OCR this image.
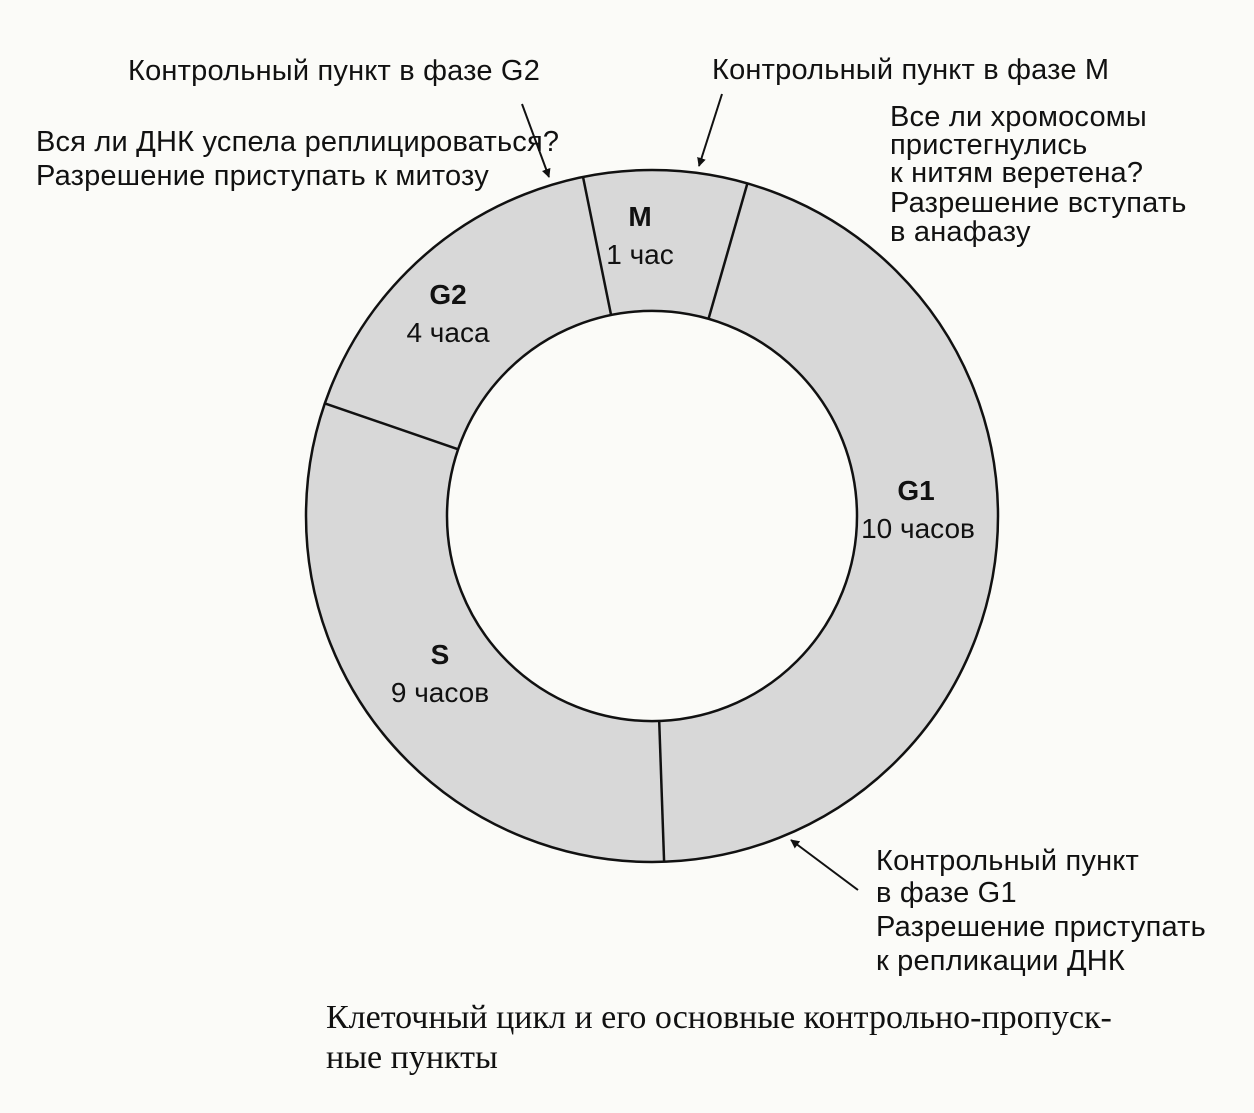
M
1 час
G1
10 часов
S
9 часов
G2
4 часа
Контрольный пункт в фазе G2
Вся ли ДНК успела реплицироваться?
Разрешение приступать к митозу
Контрольный пункт в фазе M
Все ли хромосомы
пристегнулись
к нитям веретена?
Разрешение вступать
в анафазу
Контрольный пункт
в фазе G1
Разрешение приступать
к репликации ДНК
Клеточный цикл и его основные контрольно-пропуск-
ные пункты
